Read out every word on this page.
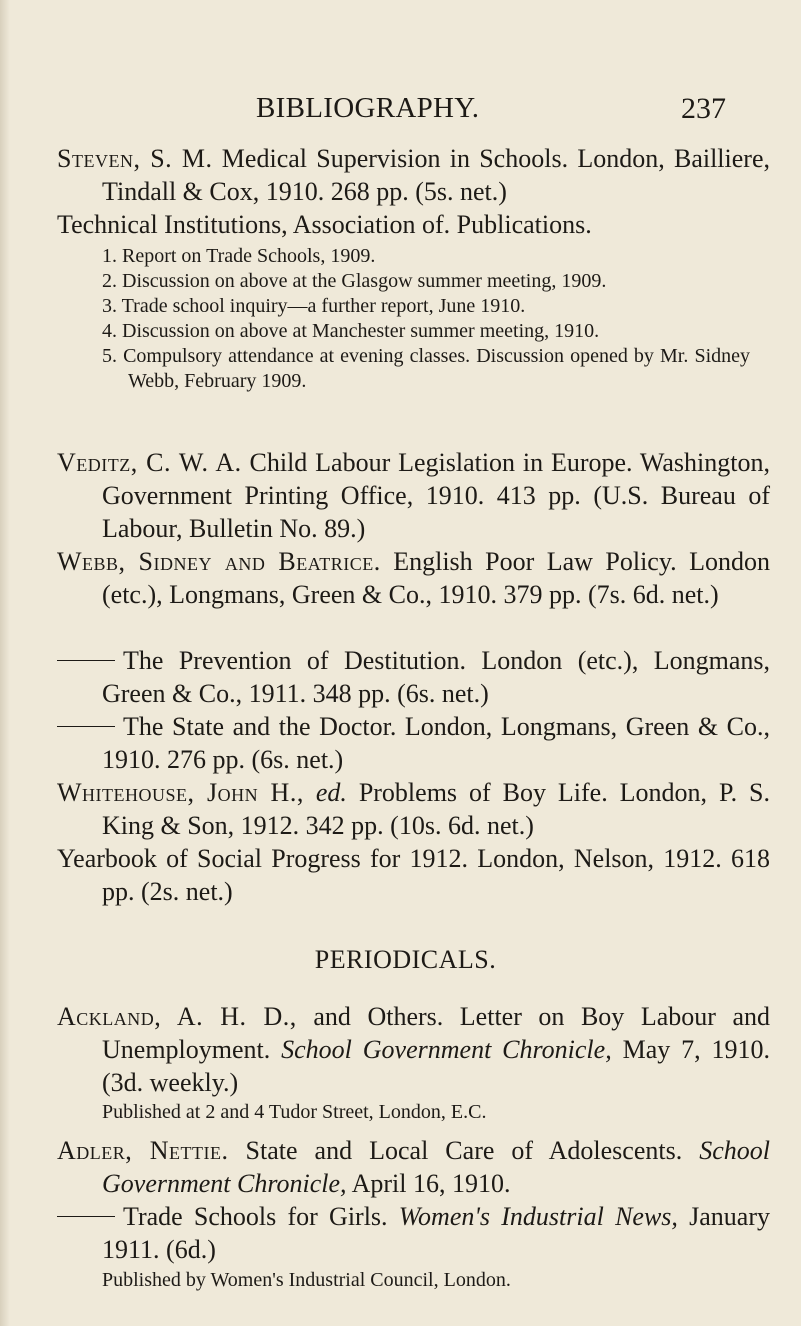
BIBLIOGRAPHY.	237
Steven, S. M. Medical Supervision in Schools. London, Bailliere, Tindall & Cox, 1910. 268 pp. (5s. net.)
Technical Institutions, Association of. Publications.
1. Report on Trade Schools, 1909.
2. Discussion on above at the Glasgow summer meeting, 1909.
3. Trade school inquiry—a further report, June 1910.
4. Discussion on above at Manchester summer meeting, 1910.
5. Compulsory attendance at evening classes. Discussion opened by Mr. Sidney Webb, February 1909.
Veditz, C. W. A. Child Labour Legislation in Europe. Washington, Government Printing Office, 1910. 413 pp. (U.S. Bureau of Labour, Bulletin No. 89.)
Webb, Sidney and Beatrice. English Poor Law Policy. London (etc.), Longmans, Green & Co., 1910. 379 pp. (7s. 6d. net.)
The Prevention of Destitution. London (etc.), Longmans, Green & Co., 1911. 348 pp. (6s. net.)
The State and the Doctor. London, Longmans, Green & Co., 1910. 276 pp. (6s. net.)
Whitehouse, John H., ed. Problems of Boy Life. London, P. S. King & Son, 1912. 342 pp. (10s. 6d. net.)
PERIODICALS.
Ackland, A. H. D., and Others. Letter on Boy Labour and Unemployment. School Government Chronicle, May 7, 1910. (3d. weekly.)
Published at 2 and 4 Tudor Street, London, E.C.
Adler, Nettie. State and Local Care of Adolescents. School Government Chronicle, April 16, 1910.
Trade Schools for Girls. Women's Industrial News, January 1911. (6d.)
Published by Women's Industrial Council, London.
Yearbook of Social Progress for 1912. London, Nelson, 1912. 618 pp. (2s. net.)
